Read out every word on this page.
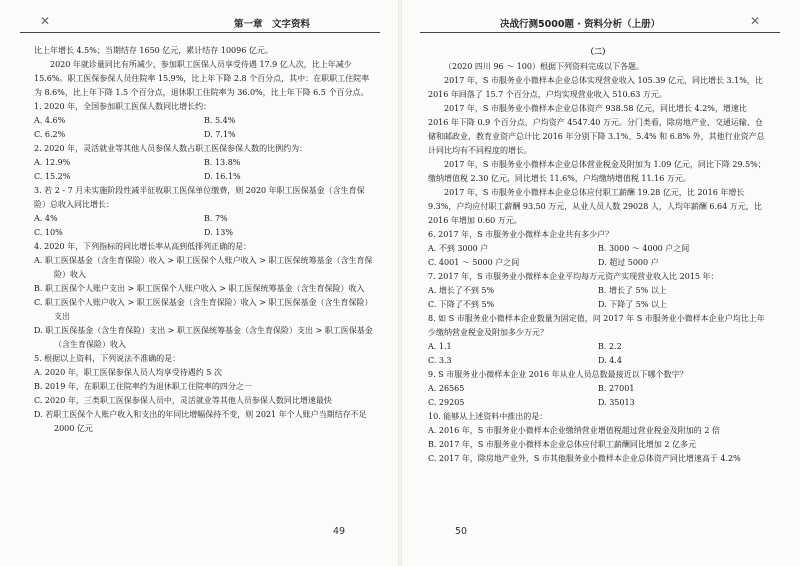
✕	第一章　文字资料
49

比上年增长 4.5%；当期结存 1650 亿元，累计结存 10096 亿元。

2020 年就诊量同比有所减少，参加职工医保人员享受待遇 17.9 亿人次，比上年减少 15.6%。职工医保参保人员住院率 15.9%，比上年下降 2.8 个百分点，其中：在职职工住院率为 8.6%，比上年下降 1.5 个百分点，退休职工住院率为 36.0%，比上年下降 6.5 个百分点。

1. 2020 年，全国参加职工医保人数同比增长约：

A. 4.6%	B. 5.4%
C. 6.2%	D. 7.1%

2. 2020 年，灵活就业等其他人员参保人数占职工医保参保人数的比例约为：

A. 12.9%	B. 13.8%
C. 15.2%	D. 16.1%

3. 若 2 - 7 月未实施阶段性减半征收职工医保单位缴费，则 2020 年职工医保基金（含生育保险）总收入同比增长：

A. 4%	B. 7%
C. 10%	D. 13%

4. 2020 年，下列指标的同比增长率从高到低排列正确的是：

A. 职工医保基金（含生育保险）收入 > 职工医保个人账户收入 > 职工医保统筹基金（含生育保险）收入

B. 职工医保个人账户支出 > 职工医保个人账户收入 > 职工医保统筹基金（含生育保险）收入

C. 职工医保个人账户收入 > 职工医保基金（含生育保险）收入 > 职工医保基金（含生育保险）支出

D. 职工医保基金（含生育保险）支出 > 职工医保统筹基金（含生育保险）支出 > 职工医保基金（含生育保险）收入

5. 根据以上资料，下列说法不准确的是：

A. 2020 年，职工医保参保人员人均享受待遇约 5 次

B. 2019 年，在职职工住院率约为退休职工住院率的四分之一

C. 2020 年，三类职工医保参保人员中，灵活就业等其他人员参保人数同比增速最快

D. 若职工医保个人账户收入和支出的年同比增幅保持不变，则 2021 年个人账户当期结存不足 2000 亿元

决战行测5000题 · 资料分析（上册）	✕
50

（二）

（2020 四川 96 ～ 100）根据下列资料完成以下各题。

2017 年，S 市服务业小微样本企业总体实现营业收入 105.39 亿元，同比增长 3.1%，比 2016 年回落了 15.7 个百分点，户均实现营业收入 510.63 万元。

2017 年，S 市服务业小微样本企业总体资产 938.58 亿元，同比增长 4.2%，增速比 2016 年下降 0.9 个百分点，户均资产 4547.40 万元。分门类看，除房地产业、交通运输、仓储和邮政业，教育业资产总计比 2016 年分别下降 3.1%、5.4% 和 6.8% 外，其他行业资产总计同比均有不同程度的增长。

2017 年，S 市服务业小微样本企业总体营业税金及附加为 1.09 亿元，同比下降 29.5%；缴纳增值税 2.30 亿元，同比增长 11.6%，户均缴纳增值税 11.16 万元。

2017 年，S 市服务业小微样本企业总体应付职工薪酬 19.28 亿元，比 2016 年增长 9.3%，户均应付职工薪酬 93.50 万元，从业人员人数 29028 人，人均年薪酬 6.64 万元，比 2016 年增加 0.60 万元。

6. 2017 年，S 市服务业小微样本企业共有多少户？

A. 不到 3000 户	B. 3000 ～ 4000 户之间
C. 4001 ～ 5000 户之间	D. 超过 5000 户

7. 2017 年，S 市服务业小微样本企业平均每万元资产实现营业收入比 2015 年：

A. 增长了不到 5%	B. 增长了 5% 以上
C. 下降了不到 5%	D. 下降了 5% 以上

8. 如 S 市服务业小微样本企业数量为固定值，问 2017 年 S 市服务业小微样本企业户均比上年少缴纳营业税金及附加多少万元？

A. 1.1	B. 2.2
C. 3.3	D. 4.4

9. S 市服务业小微样本企业 2016 年从业人员总数最接近以下哪个数字？

A. 26565	B. 27001
C. 29205	D. 35013

10. 能够从上述资料中推出的是：

A. 2016 年，S 市服务业小微样本企业缴纳营业增值税超过营业税金及附加的 2 倍

B. 2017 年，S 市服务业小微样本企业总体应付职工薪酬同比增加 2 亿多元

C. 2017 年，除房地产业外，S 市其他服务业小微样本企业总体资产同比增速高于 4.2%
